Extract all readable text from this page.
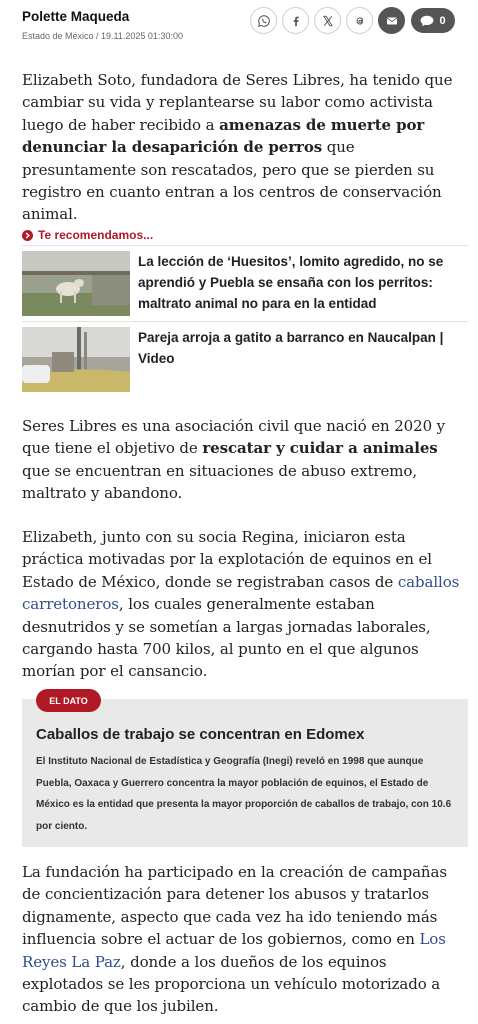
Polette Maqueda
Estado de México / 19.11.2025 01:30:00
0
Elizabeth Soto, fundadora de Seres Libres, ha tenido que cambiar su vida y replantearse su labor como activista luego de haber recibido a amenazas de muerte por denunciar la desaparición de perros que presuntamente son rescatados, pero que se pierden su registro en cuanto entran a los centros de conservación animal.
Te recomendamos...
La lección de ‘Huesitos’, lomito agredido, no se aprendió y Puebla se ensaña con los perritos: maltrato animal no para en la entidad
Pareja arroja a gatito a barranco en Naucalpan | Video
Seres Libres es una asociación civil que nació en 2020 y que tiene el objetivo de rescatar y cuidar a animales que se encuentran en situaciones de abuso extremo, maltrato y abandono.
Elizabeth, junto con su socia Regina, iniciaron esta práctica motivadas por la explotación de equinos en el Estado de México, donde se registraban casos de caballos carretoneros, los cuales generalmente estaban desnutridos y se sometían a largas jornadas laborales, cargando hasta 700 kilos, al punto en el que algunos morían por el cansancio.
EL DATO
Caballos de trabajo se concentran en Edomex
El Instituto Nacional de Estadística y Geografía (Inegi) reveló en 1998 que aunque Puebla, Oaxaca y Guerrero concentra la mayor población de equinos, el Estado de México es la entidad que presenta la mayor proporción de caballos de trabajo, con 10.6 por ciento.
La fundación ha participado en la creación de campañas de concientización para detener los abusos y tratarlos dignamente, aspecto que cada vez ha ido teniendo más influencia sobre el actuar de los gobiernos, como en Los Reyes La Paz, donde a los dueños de los equinos explotados se les proporciona un vehículo motorizado a cambio de que los jubilen.
